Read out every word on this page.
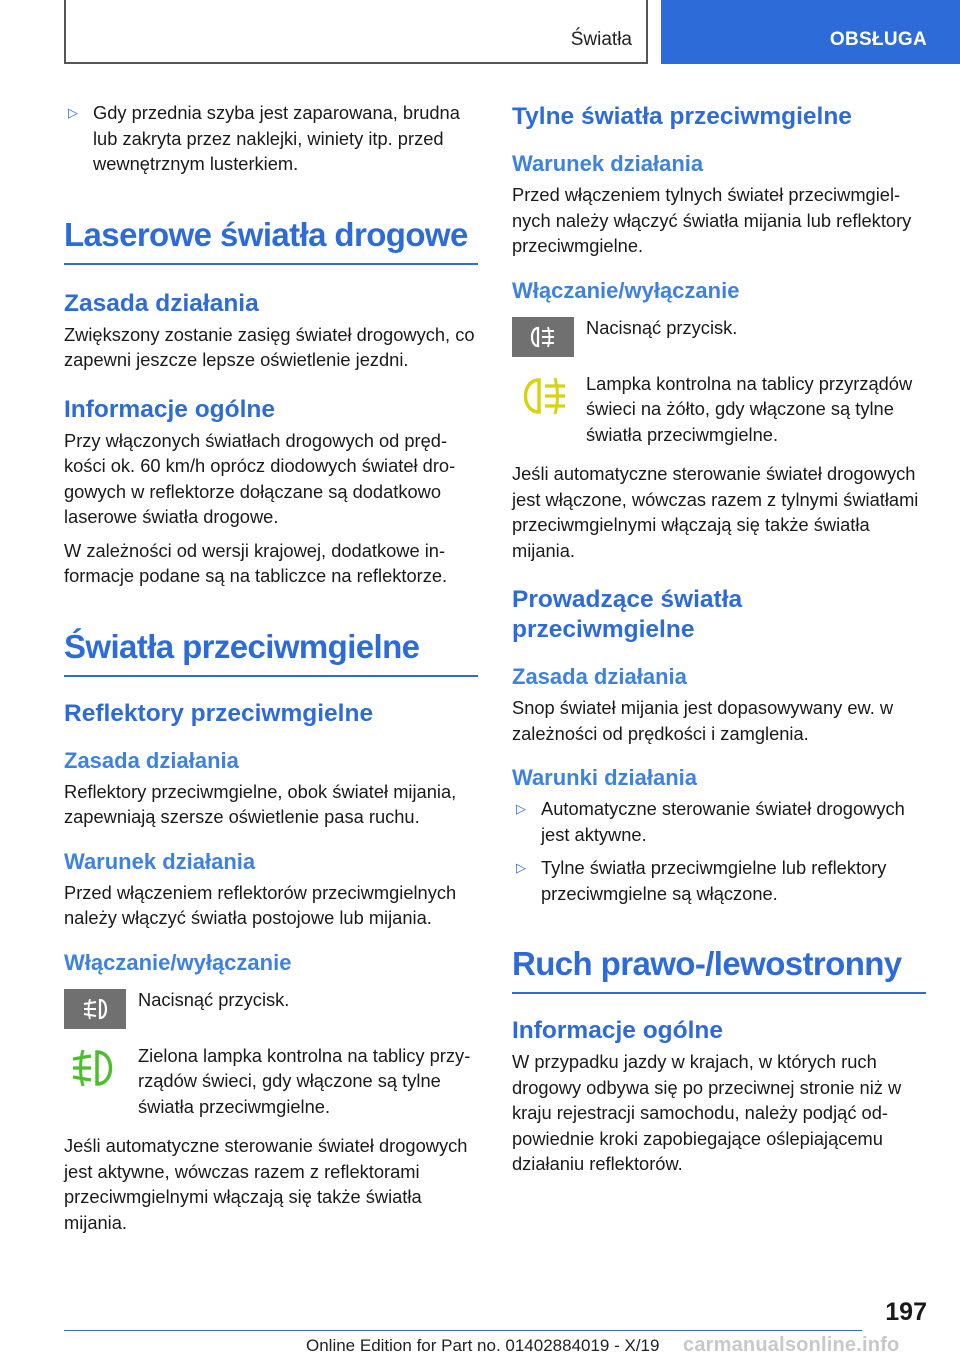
Światła	OBSŁUGA
▷ Gdy przednia szyba jest zaparowana, brudna lub zakryta przez naklejki, winiety itp. przed wewnętrznym lusterkiem.
Laserowe światła drogowe
Zasada działania

Zwiększony zostanie zasięg świateł drogowych, co zapewni jeszcze lepsze oświetlenie jezdni.

Informacje ogólne

Przy włączonych światłach drogowych od prędkości ok. 60 km/h oprócz diodowych świateł drogowych w reflektorze dołączane są dodatkowo laserowe światła drogowe.

W zależności od wersji krajowej, dodatkowe informacje podane są na tabliczce na reflektorze.

Światła przeciwmgielne
Reflektory przeciwmgielne
Zasada działania

Reflektory przeciwmgielne, obok świateł mijania, zapewniają szersze oświetlenie pasa ruchu.

Warunek działania

Przed włączeniem reflektorów przeciwmgielnych należy włączyć światła postojowe lub mijania.

Włączanie/wyłączanie
Nacisnąć przycisk.
Zielona lampka kontrolna na tablicy przyrządów świeci, gdy włączone są tylne światła przeciwmgielne.

Jeśli automatyczne sterowanie świateł drogowych jest aktywne, wówczas razem z reflektorami przeciwmgielnymi włączają się także światła mijania.

Tylne światła przeciwmgielne
Warunek działania

Przed włączeniem tylnych świateł przeciwmgielnych należy włączyć światła mijania lub reflektory przeciwmgielne.

Włączanie/wyłączanie
Nacisnąć przycisk.
Lampka kontrolna na tablicy przyrządów świeci na żółto, gdy włączone są tylne światła przeciwmgielne.

Jeśli automatyczne sterowanie świateł drogowych jest włączone, wówczas razem z tylnymi światłami przeciwmgielnymi włączają się także światła mijania.

Prowadzące światła przeciwmgielne
Zasada działania

Snop świateł mijania jest dopasowywany ew. w zależności od prędkości i zamglenia.

Warunki działania
▷ Automatyczne sterowanie świateł drogowych jest aktywne.
▷ Tylne światła przeciwmgielne lub reflektory przeciwmgielne są włączone.
Ruch prawo-/lewostronny
Informacje ogólne

W przypadku jazdy w krajach, w których ruch drogowy odbywa się po przeciwnej stronie niż w kraju rejestracji samochodu, należy podjąć odpowiednie kroki zapobiegające oślepiającemu działaniu reflektorów.

197
Online Edition for Part no. 01402884019 - X/19 carmanualsonline.info
